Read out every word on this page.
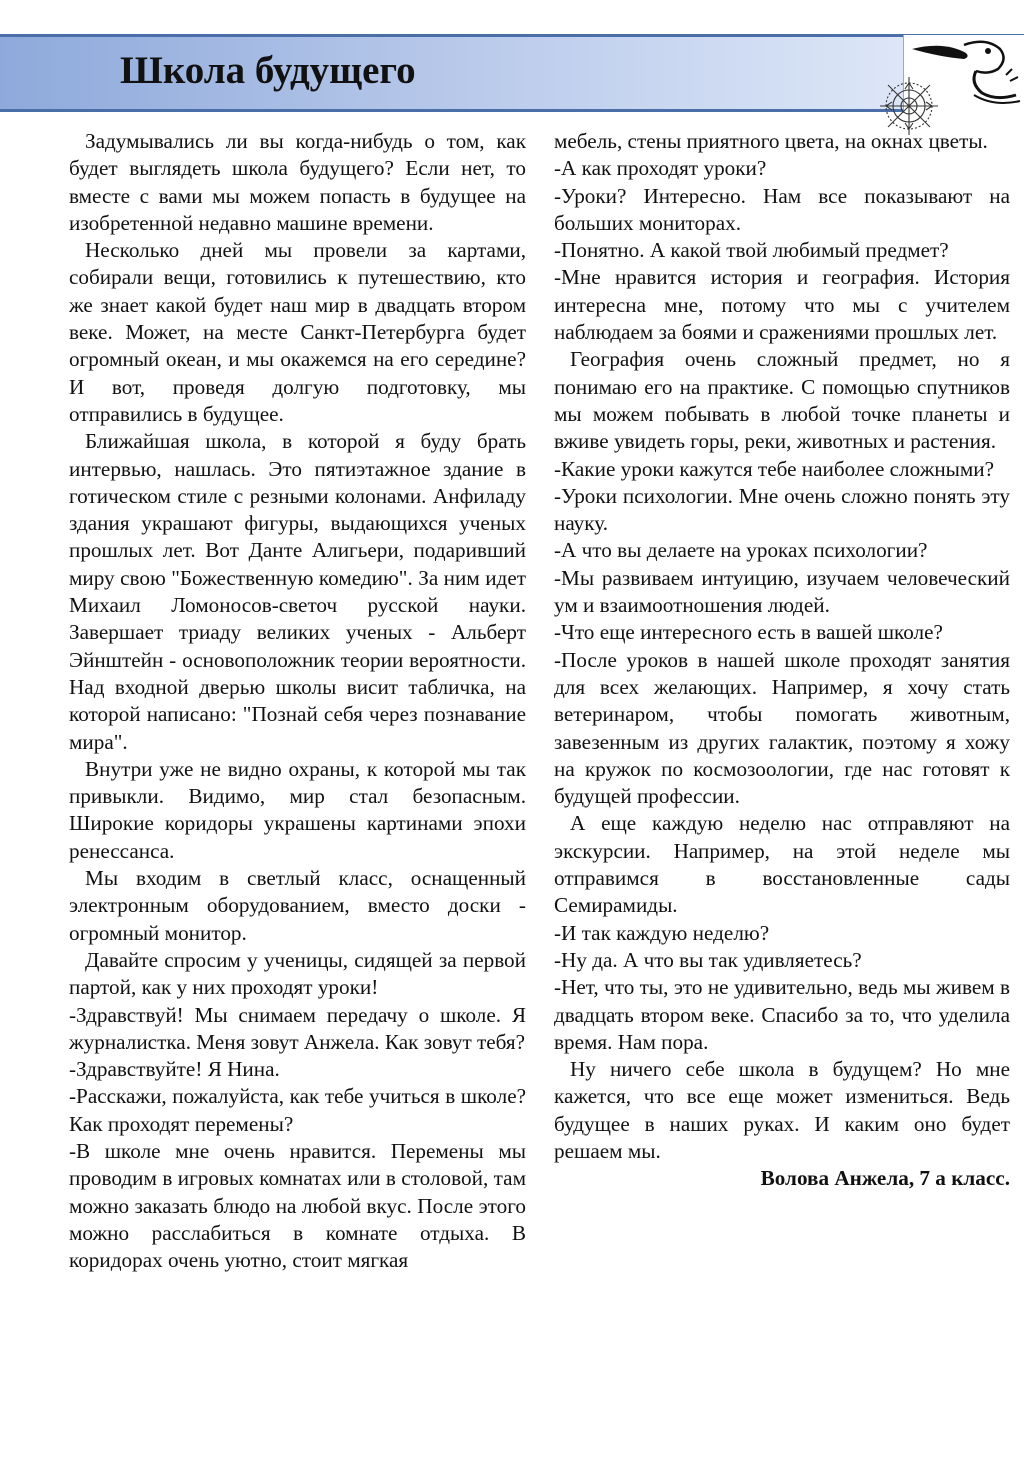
Школа будущего

Задумывались ли вы когда-нибудь о том, как будет выглядеть школа будущего? Если нет, то вместе с вами мы можем попасть в будущее на изобретенной недавно машине времени.

Несколько дней мы провели за картами, собирали вещи, готовились к путешествию, кто же знает какой будет наш мир в двадцать втором веке. Может, на месте Санкт-Петербурга будет огромный океан, и мы окажемся на его середине? И вот, проведя долгую подготовку, мы отправились в будущее.

Ближайшая школа, в которой я буду брать интервью, нашлась. Это пятиэтажное здание в готическом стиле с резными колонами. Анфиладу здания украшают фигуры, выдающихся ученых прошлых лет. Вот Данте Алигьери, подаривший миру свою "Божественную комедию". За ним идет Михаил Ломоносов-светоч русской науки. Завершает триаду великих ученых - Альберт Эйнштейн - основоположник теории вероятности. Над входной дверью школы висит табличка, на которой написано: "Познай себя через познавание мира".

Внутри уже не видно охраны, к которой мы так привыкли. Видимо, мир стал безопасным. Широкие коридоры украшены картинами эпохи ренессанса.

Мы входим в светлый класс, оснащенный электронным оборудованием, вместо доски - огромный монитор.

Давайте спросим у ученицы, сидящей за первой партой, как у них проходят уроки!

-Здравствуй! Мы снимаем передачу о школе. Я журналистка. Меня зовут Анжела. Как зовут тебя?

-Здравствуйте! Я Нина.

-Расскажи, пожалуйста, как тебе учиться в школе? Как проходят перемены?

-В школе мне очень нравится. Перемены мы проводим в игровых комнатах или в столовой, там можно заказать блюдо на любой вкус. После этого можно расслабиться в комнате отдыха. В коридорах очень уютно, стоит мягкая

мебель, стены приятного цвета, на окнах цветы.

-А как проходят уроки?

-Уроки? Интересно. Нам все показывают на больших мониторах.

-Понятно. А какой твой любимый предмет?

-Мне нравится история и география. История интересна мне, потому что мы с учителем наблюдаем за боями и сражениями прошлых лет.

География очень сложный предмет, но я понимаю его на практике. С помощью спутников мы можем побывать в любой точке планеты и вживе увидеть горы, реки, животных и растения.

-Какие уроки кажутся тебе наиболее сложными?

-Уроки психологии. Мне очень сложно понять эту науку.

-А что вы делаете на уроках психологии?

-Мы развиваем интуицию, изучаем человеческий ум и взаимоотношения людей.

-Что еще интересного есть в вашей школе?

-После уроков в нашей школе проходят занятия для всех желающих. Например, я хочу стать ветеринаром, чтобы помогать животным, завезенным из других галактик, поэтому я хожу на кружок по космозоологии, где нас готовят к будущей профессии.

А еще каждую неделю нас отправляют на экскурсии. Например, на этой неделе мы отправимся в восстановленные сады Семирамиды.

-И так каждую неделю?

-Ну да. А что вы так удивляетесь?

-Нет, что ты, это не удивительно, ведь мы живем в двадцать втором веке. Спасибо за то, что уделила время. Нам пора.

Ну ничего себе школа в будущем? Но мне кажется, что все еще может измениться. Ведь будущее в наших руках. И каким оно будет решаем мы.

Волова Анжела, 7 а класс.
